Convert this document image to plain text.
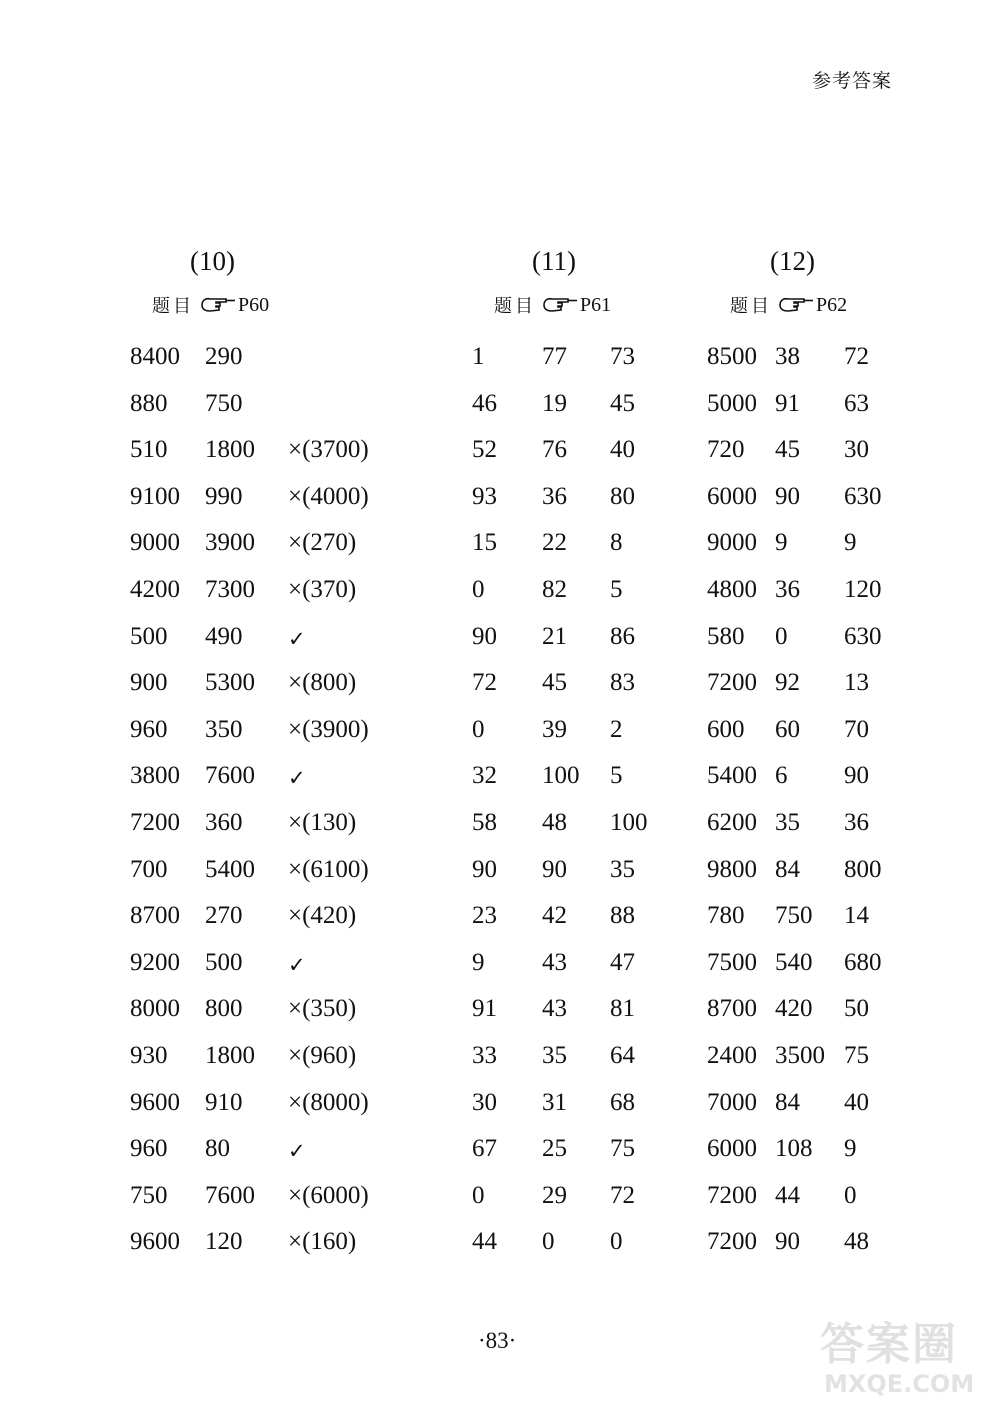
参考答案
(10)
题目 P60
8400 290
880 750
510 1800 ×(3700)
9100 990 ×(4000)
9000 3900 ×(270)
4200 7300 ×(370)
500 490 ✓
900 5300 ×(800)
960 350 ×(3900)
3800 7600 ✓
7200 360 ×(130)
700 5400 ×(6100)
8700 270 ×(420)
9200 500 ✓
8000 800 ×(350)
930 1800 ×(960)
9600 910 ×(8000)
960 80	✓
750 7600 ×(6000)
9600 120 ×(160)
(11)
题目 P61
1 77 73
46 19 45
52 76 40
93 36 80
15 22 8
0 82 5
90 21 86
72 45 83
0 39 2
32 100 5
58 48 100
90 90 35
23 42 88
9 43 47
91 43 81
33 35 64
30 31 68
67 25 75
0 29 72
44 0 0
(12)
题目 P62
8500 38 72
5000 91 63
720 45 30
6000 90 630
9000 9 9
4800 36 120
580 0 630
7200 92 13
600 60 70
5400 6 90
6200 35 36
9800 84 800
780 750 14
7500 540 680
8700 420 50
2400 3500 75
7000 84 40
6000 108 9
7200 44 0
7200 90 48
·83·	答案圈
MXQE.COM
